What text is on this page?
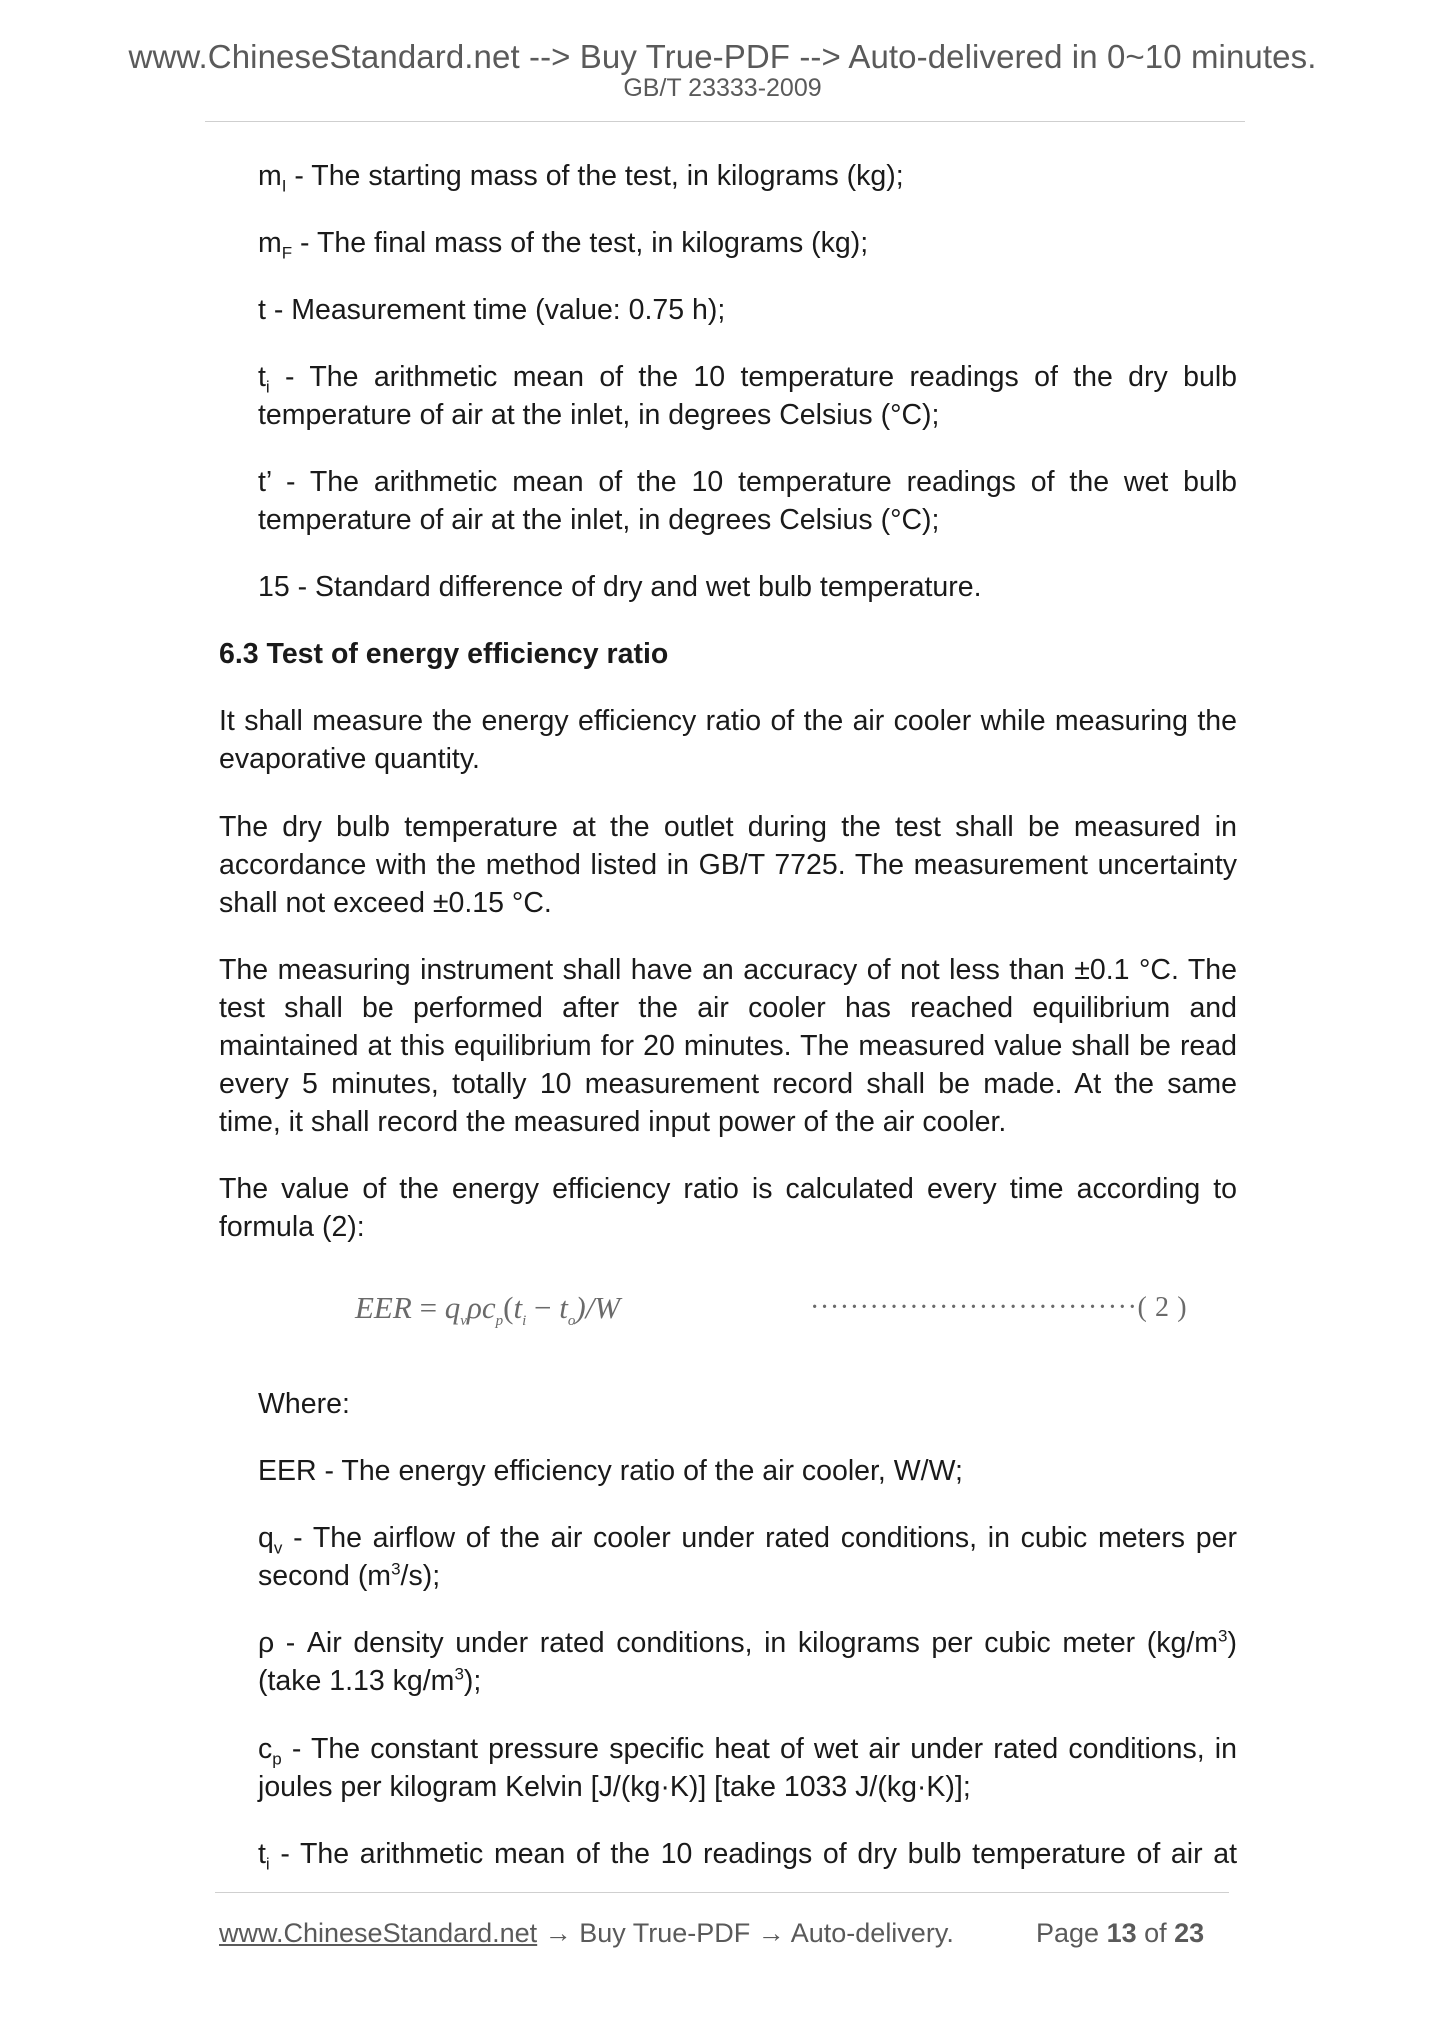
www.ChineseStandard.net --> Buy True-PDF --> Auto-delivered in 0~10 minutes.
GB/T 23333-2009

$m_I$ - The starting mass of the test, in kilograms (kg);

$m_F$ - The final mass of the test, in kilograms (kg);

t - Measurement time (value: 0.75 h);

$t_i$ - The arithmetic mean of the 10 temperature readings of the dry bulb temperature of air at the inlet, in degrees Celsius (°C);

t’ - The arithmetic mean of the 10 temperature readings of the wet bulb temperature of air at the inlet, in degrees Celsius (°C);

15 - Standard difference of dry and wet bulb temperature.

6.3 Test of energy efficiency ratio

It shall measure the energy efficiency ratio of the air cooler while measuring the evaporative quantity.

The dry bulb temperature at the outlet during the test shall be measured in accordance with the method listed in GB/T 7725. The measurement uncertainty shall not exceed ±0.15 °C.

The measuring instrument shall have an accuracy of not less than ±0.1 °C. The test shall be performed after the air cooler has reached equilibrium and maintained at this equilibrium for 20 minutes. The measured value shall be read every 5 minutes, totally 10 measurement record shall be made. At the same time, it shall record the measured input power of the air cooler.

The value of the energy efficiency ratio is calculated every time according to formula (2):

EER = $q_v\rho c_p(t_i - t_o)/W$	·································( 2 )

Where:

EER - The energy efficiency ratio of the air cooler, W/W;

$q_v$ - The airflow of the air cooler under rated conditions, in cubic meters per second $(m^3/s)$;

ρ - Air density under rated conditions, in kilograms per cubic meter $(kg/m^3)$ (take 1.13 $kg/m^3$);

$c_p$ - The constant pressure specific heat of wet air under rated conditions, in joules per kilogram Kelvin [J/(kg·K)] [take 1033 J/(kg·K)];

$t_i$ - The arithmetic mean of the 10 readings of dry bulb temperature of air at

www.ChineseStandard.net → Buy True-PDF → Auto-delivery.	Page 13 of 23
